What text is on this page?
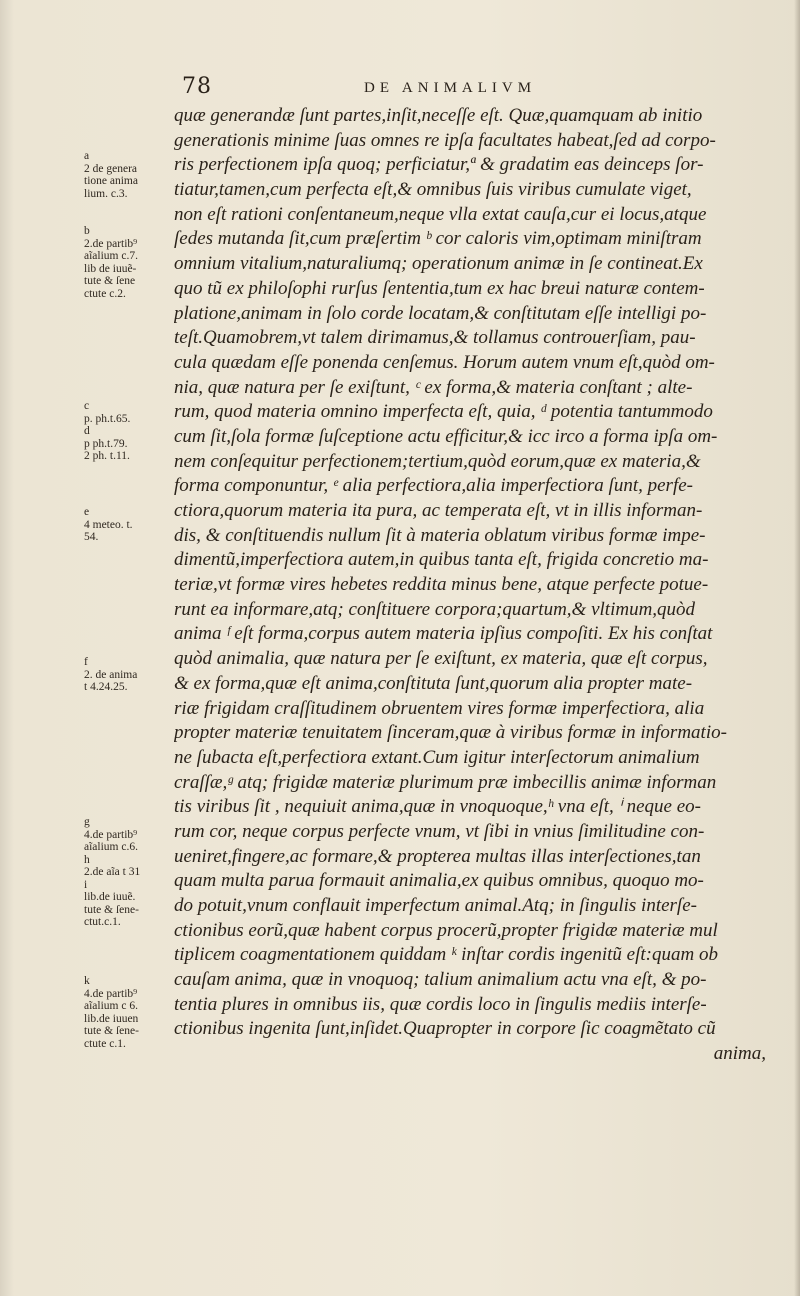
78	DE ANIMALIVM
quæ generandæ ſunt partes,inſit,neceſſe eſt. Quæ,quamquam ab initio
generationis minime ſuas omnes re ipſa facultates habeat,ſed ad corpo-
ris perfectionem ipſa quoq; perficiatur,ª & gradatim eas deinceps ſor-
tiatur,tamen,cum perfecta eſt,& omnibus ſuis viribus cumulate viget,
non eſt rationi conſentaneum,neque vlla extat cauſa,cur ei locus,atque
ſedes mutanda ſit,cum præſertim ᵇ cor caloris vim,optimam miniſtram
omnium vitalium,naturaliumq; operationum animæ in ſe contineat.Ex
quo tũ ex philoſophi rurſus ſententia,tum ex hac breui naturæ contem-
platione,animam in ſolo corde locatam,& conſtitutam eſſe intelligi po-
teſt.Quamobrem,vt talem dirimamus,& tollamus controuerſiam, pau-
cula quædam eſſe ponenda cenſemus. Horum autem vnum eſt,quòd om-
nia, quæ natura per ſe exiſtunt, ᶜ ex forma,& materia conſtant ; alte-
rum, quod materia omnino imperfecta eſt, quia, ᵈ potentia tantummodo
cum ſit,ſola formæ ſuſceptione actu efficitur,& icc irco a forma ipſa om-
nem conſequitur perfectionem;tertium,quòd eorum,quæ ex materia,&
forma componuntur, ᵉ alia perfectiora,alia imperfectiora ſunt, perfe-
ctiora,quorum materia ita pura, ac temperata eſt, vt in illis informan-
dis, & conſtituendis nullum ſit à materia oblatum viribus formæ impe-
dimentũ,imperfectiora autem,in quibus tanta eſt, frigida concretio ma-
teriæ,vt formæ vires hebetes reddita minus bene, atque perfecte potue-
runt ea informare,atq; conſtituere corpora;quartum,& vltimum,quòd
anima ᶠ eſt forma,corpus autem materia ipſius compoſiti. Ex his conſtat
quòd animalia, quæ natura per ſe exiſtunt, ex materia, quæ eſt corpus,
& ex forma,quæ eſt anima,conſtituta ſunt,quorum alia propter mate-
riæ frigidam craſſitudinem obruentem vires formæ imperfectiora, alia
propter materiæ tenuitatem ſinceram,quæ à viribus formæ in informatio-
ne ſubacta eſt,perfectiora extant.Cum igitur interſectorum animalium
craſſæ,ᵍ atq; frigidæ materiæ plurimum præ imbecillis animæ informan
tis viribus ſit , nequiuit anima,quæ in vnoquoque,ʰ vna eſt, ⁱ neque eo-
rum cor, neque corpus perfecte vnum, vt ſibi in vnius ſimilitudine con-
ueniret,fingere,ac formare,& propterea multas illas interſectiones,tan
quam multa parua formauit animalia,ex quibus omnibus, quoquo mo-
do potuit,vnum conflauit imperfectum animal.Atq; in ſingulis interſe-
ctionibus eorũ,quæ habent corpus procerũ,propter frigidæ materiæ mul
tiplicem coagmentationem quiddam ᵏ inſtar cordis ingenitũ eſt:quam ob
cauſam anima, quæ in vnoquoq; talium animalium actu vna eſt, & po-
tentia plures in omnibus iis, quæ cordis loco in ſingulis mediis interſe-
ctionibus ingenita ſunt,inſidet.Quapropter in corpore ſic coagmẽtato cũ
anima,
a
2 de genera
tione anima
lium. c.3.
b
2.de partib⁹
aĩalium c.7.
lib de iuuẽ-
tute & ſene
ctute c.2.
c
p. ph.t.65.
d
p ph.t.79.
2 ph. t.11.
e
4 meteo. t.
54.
f
2. de anima
t 4.24.25.
g
4.de partib⁹
aĩalium c.6.
h
2.de aĩa t 31
i
lib.de iuuẽ.
tute & ſene-
ctut.c.1.
k
4.de partib⁹
aĩalium c 6.
lib.de iuuen
tute & ſene-
ctute c.1.
